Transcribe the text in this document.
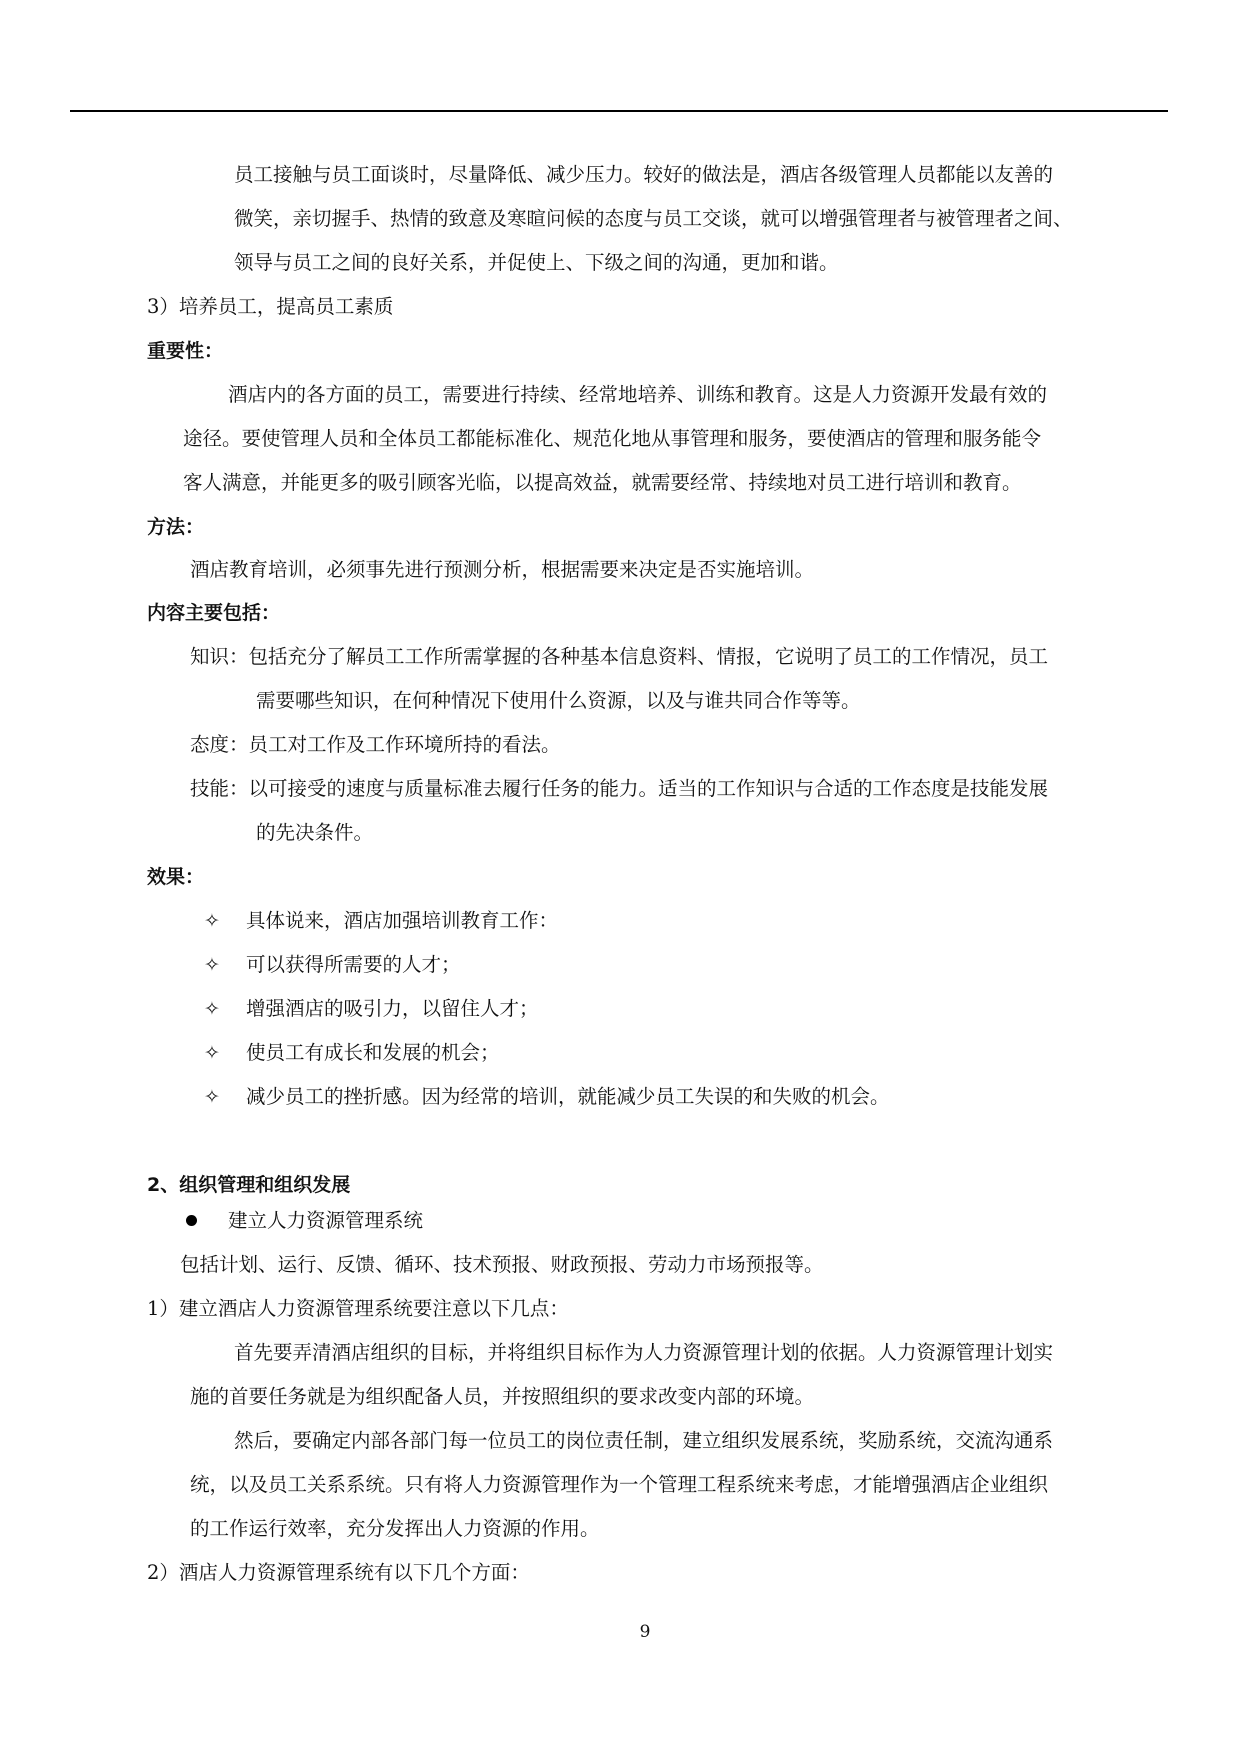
员工接触与员工面谈时，尽量降低、减少压力。较好的做法是，酒店各级管理人员都能以友善的
微笑，亲切握手、热情的致意及寒暄问候的态度与员工交谈，就可以增强管理者与被管理者之间、
领导与员工之间的良好关系，并促使上、下级之间的沟通，更加和谐。
3）培养员工，提高员工素质
重要性：
酒店内的各方面的员工，需要进行持续、经常地培养、训练和教育。这是人力资源开发最有效的
途径。要使管理人员和全体员工都能标准化、规范化地从事管理和服务，要使酒店的管理和服务能令
客人满意，并能更多的吸引顾客光临，以提高效益，就需要经常、持续地对员工进行培训和教育。
方法：
酒店教育培训，必须事先进行预测分析，根据需要来决定是否实施培训。
内容主要包括：
知识：包括充分了解员工工作所需掌握的各种基本信息资料、情报，它说明了员工的工作情况，员工
需要哪些知识，在何种情况下使用什么资源，以及与谁共同合作等等。
态度：员工对工作及工作环境所持的看法。
技能：以可接受的速度与质量标准去履行任务的能力。适当的工作知识与合适的工作态度是技能发展
的先决条件。
效果：
✧ 具体说来，酒店加强培训教育工作：
✧ 可以获得所需要的人才；
✧ 增强酒店的吸引力，以留住人才；
✧ 使员工有成长和发展的机会；
✧ 减少员工的挫折感。因为经常的培训，就能减少员工失误的和失败的机会。
2、组织管理和组织发展
建立人力资源管理系统
包括计划、运行、反馈、循环、技术预报、财政预报、劳动力市场预报等。
1）建立酒店人力资源管理系统要注意以下几点：
首先要弄清酒店组织的目标，并将组织目标作为人力资源管理计划的依据。人力资源管理计划实
施的首要任务就是为组织配备人员，并按照组织的要求改变内部的环境。
然后，要确定内部各部门每一位员工的岗位责任制，建立组织发展系统，奖励系统，交流沟通系
统，以及员工关系系统。只有将人力资源管理作为一个管理工程系统来考虑，才能增强酒店企业组织
的工作运行效率，充分发挥出人力资源的作用。
2）酒店人力资源管理系统有以下几个方面：
9
